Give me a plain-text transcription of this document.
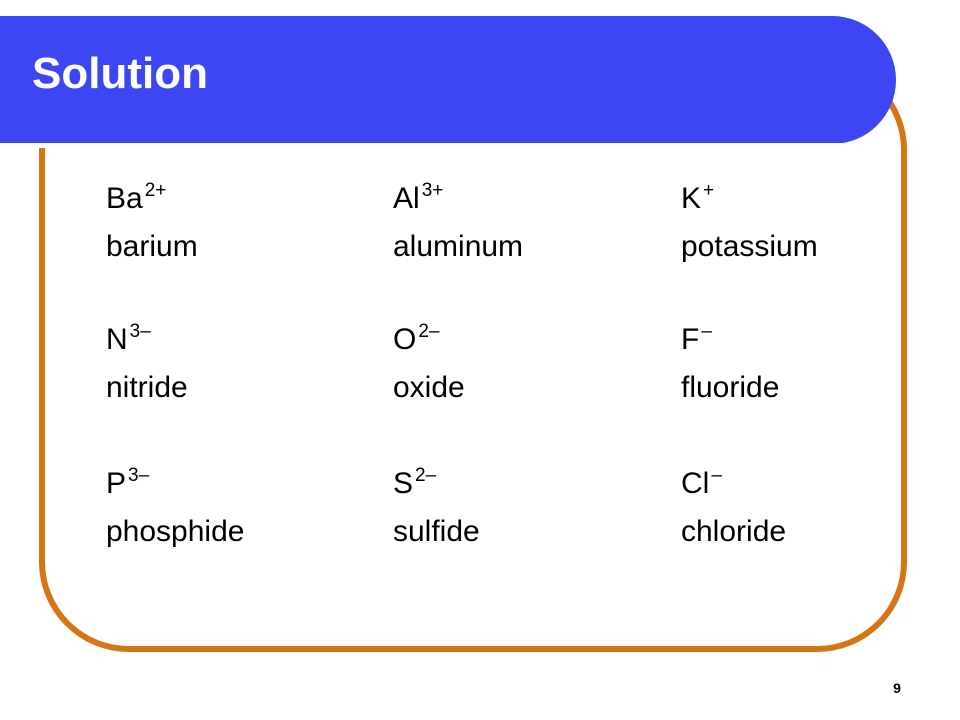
Solution
Ba $^{2+}$
barium
Al $^{3+}$
aluminum
K +
potassium
N $^{3-}$
nitride
O $^{2-}$
oxide
F –
fluoride
P $^{3-}$
phosphide
S $^{2-}$
sulfide
Cl –
chloride
9
